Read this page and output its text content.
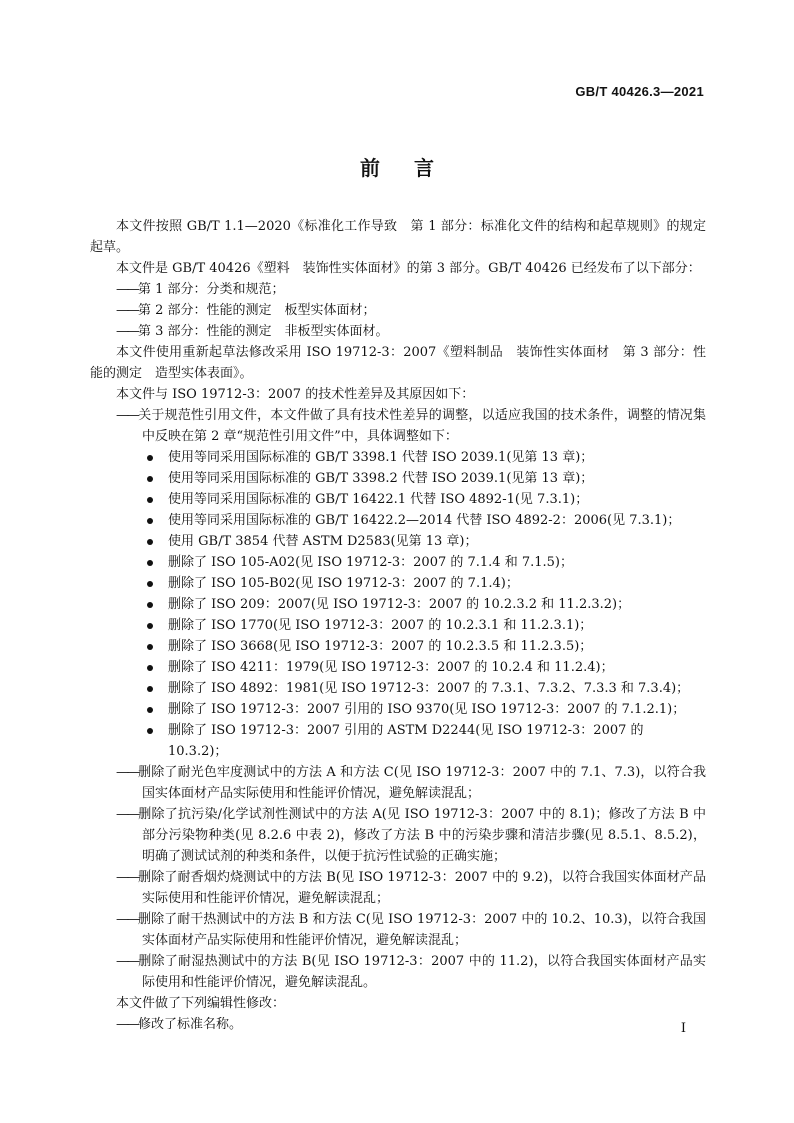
GB/T 40426.3—2021
前言

本文件按照 GB/T 1.1—2020《标准化工作导致　第 1 部分：标准化文件的结构和起草规则》的规定起草。

本文件是 GB/T 40426《塑料　装饰性实体面材》的第 3 部分。GB/T 40426 已经发布了以下部分：

——第 1 部分：分类和规范；

——第 2 部分：性能的测定　板型实体面材；

——第 3 部分：性能的测定　非板型实体面材。

本文件使用重新起草法修改采用 ISO 19712-3：2007《塑料制品　装饰性实体面材　第 3 部分：性能的测定　造型实体表面》。

本文件与 ISO 19712-3：2007 的技术性差异及其原因如下：

——关于规范性引用文件，本文件做了具有技术性差异的调整，以适应我国的技术条件，调整的情况集中反映在第 2 章“规范性引用文件”中，具体调整如下：

使用等同采用国际标准的 GB/T 3398.1 代替 ISO 2039.1(见第 13 章)；

使用等同采用国际标准的 GB/T 3398.2 代替 ISO 2039.1(见第 13 章)；

使用等同采用国际标准的 GB/T 16422.1 代替 ISO 4892-1(见 7.3.1)；

使用等同采用国际标准的 GB/T 16422.2—2014 代替 ISO 4892-2：2006(见 7.3.1)；

使用 GB/T 3854 代替 ASTM D2583(见第 13 章)；

删除了 ISO 105-A02(见 ISO 19712-3：2007 的 7.1.4 和 7.1.5)；

删除了 ISO 105-B02(见 ISO 19712-3：2007 的 7.1.4)；

删除了 ISO 209：2007(见 ISO 19712-3：2007 的 10.2.3.2 和 11.2.3.2)；

删除了 ISO 1770(见 ISO 19712-3：2007 的 10.2.3.1 和 11.2.3.1)；

删除了 ISO 3668(见 ISO 19712-3：2007 的 10.2.3.5 和 11.2.3.5)；

删除了 ISO 4211：1979(见 ISO 19712-3：2007 的 10.2.4 和 11.2.4)；

删除了 ISO 4892：1981(见 ISO 19712-3：2007 的 7.3.1、7.3.2、7.3.3 和 7.3.4)；

删除了 ISO 19712-3：2007 引用的 ISO 9370(见 ISO 19712-3：2007 的 7.1.2.1)；

删除了 ISO 19712-3：2007 引用的 ASTM D2244(见 ISO 19712-3：2007 的 10.3.2)；

——删除了耐光色牢度测试中的方法 A 和方法 C(见 ISO 19712-3：2007 中的 7.1、7.3)，以符合我国实体面材产品实际使用和性能评价情况，避免解读混乱；

——删除了抗污染/化学试剂性测试中的方法 A(见 ISO 19712-3：2007 中的 8.1)；修改了方法 B 中部分污染物种类(见 8.2.6 中表 2)，修改了方法 B 中的污染步骤和清洁步骤(见 8.5.1、8.5.2)，明确了测试试剂的种类和条件，以便于抗污性试验的正确实施；

——删除了耐香烟灼烧测试中的方法 B(见 ISO 19712-3：2007 中的 9.2)，以符合我国实体面材产品实际使用和性能评价情况，避免解读混乱；

——删除了耐干热测试中的方法 B 和方法 C(见 ISO 19712-3：2007 中的 10.2、10.3)，以符合我国实体面材产品实际使用和性能评价情况，避免解读混乱；

——删除了耐湿热测试中的方法 B(见 ISO 19712-3：2007 中的 11.2)，以符合我国实体面材产品实际使用和性能评价情况，避免解读混乱。

本文件做了下列编辑性修改：

——修改了标准名称。	I
